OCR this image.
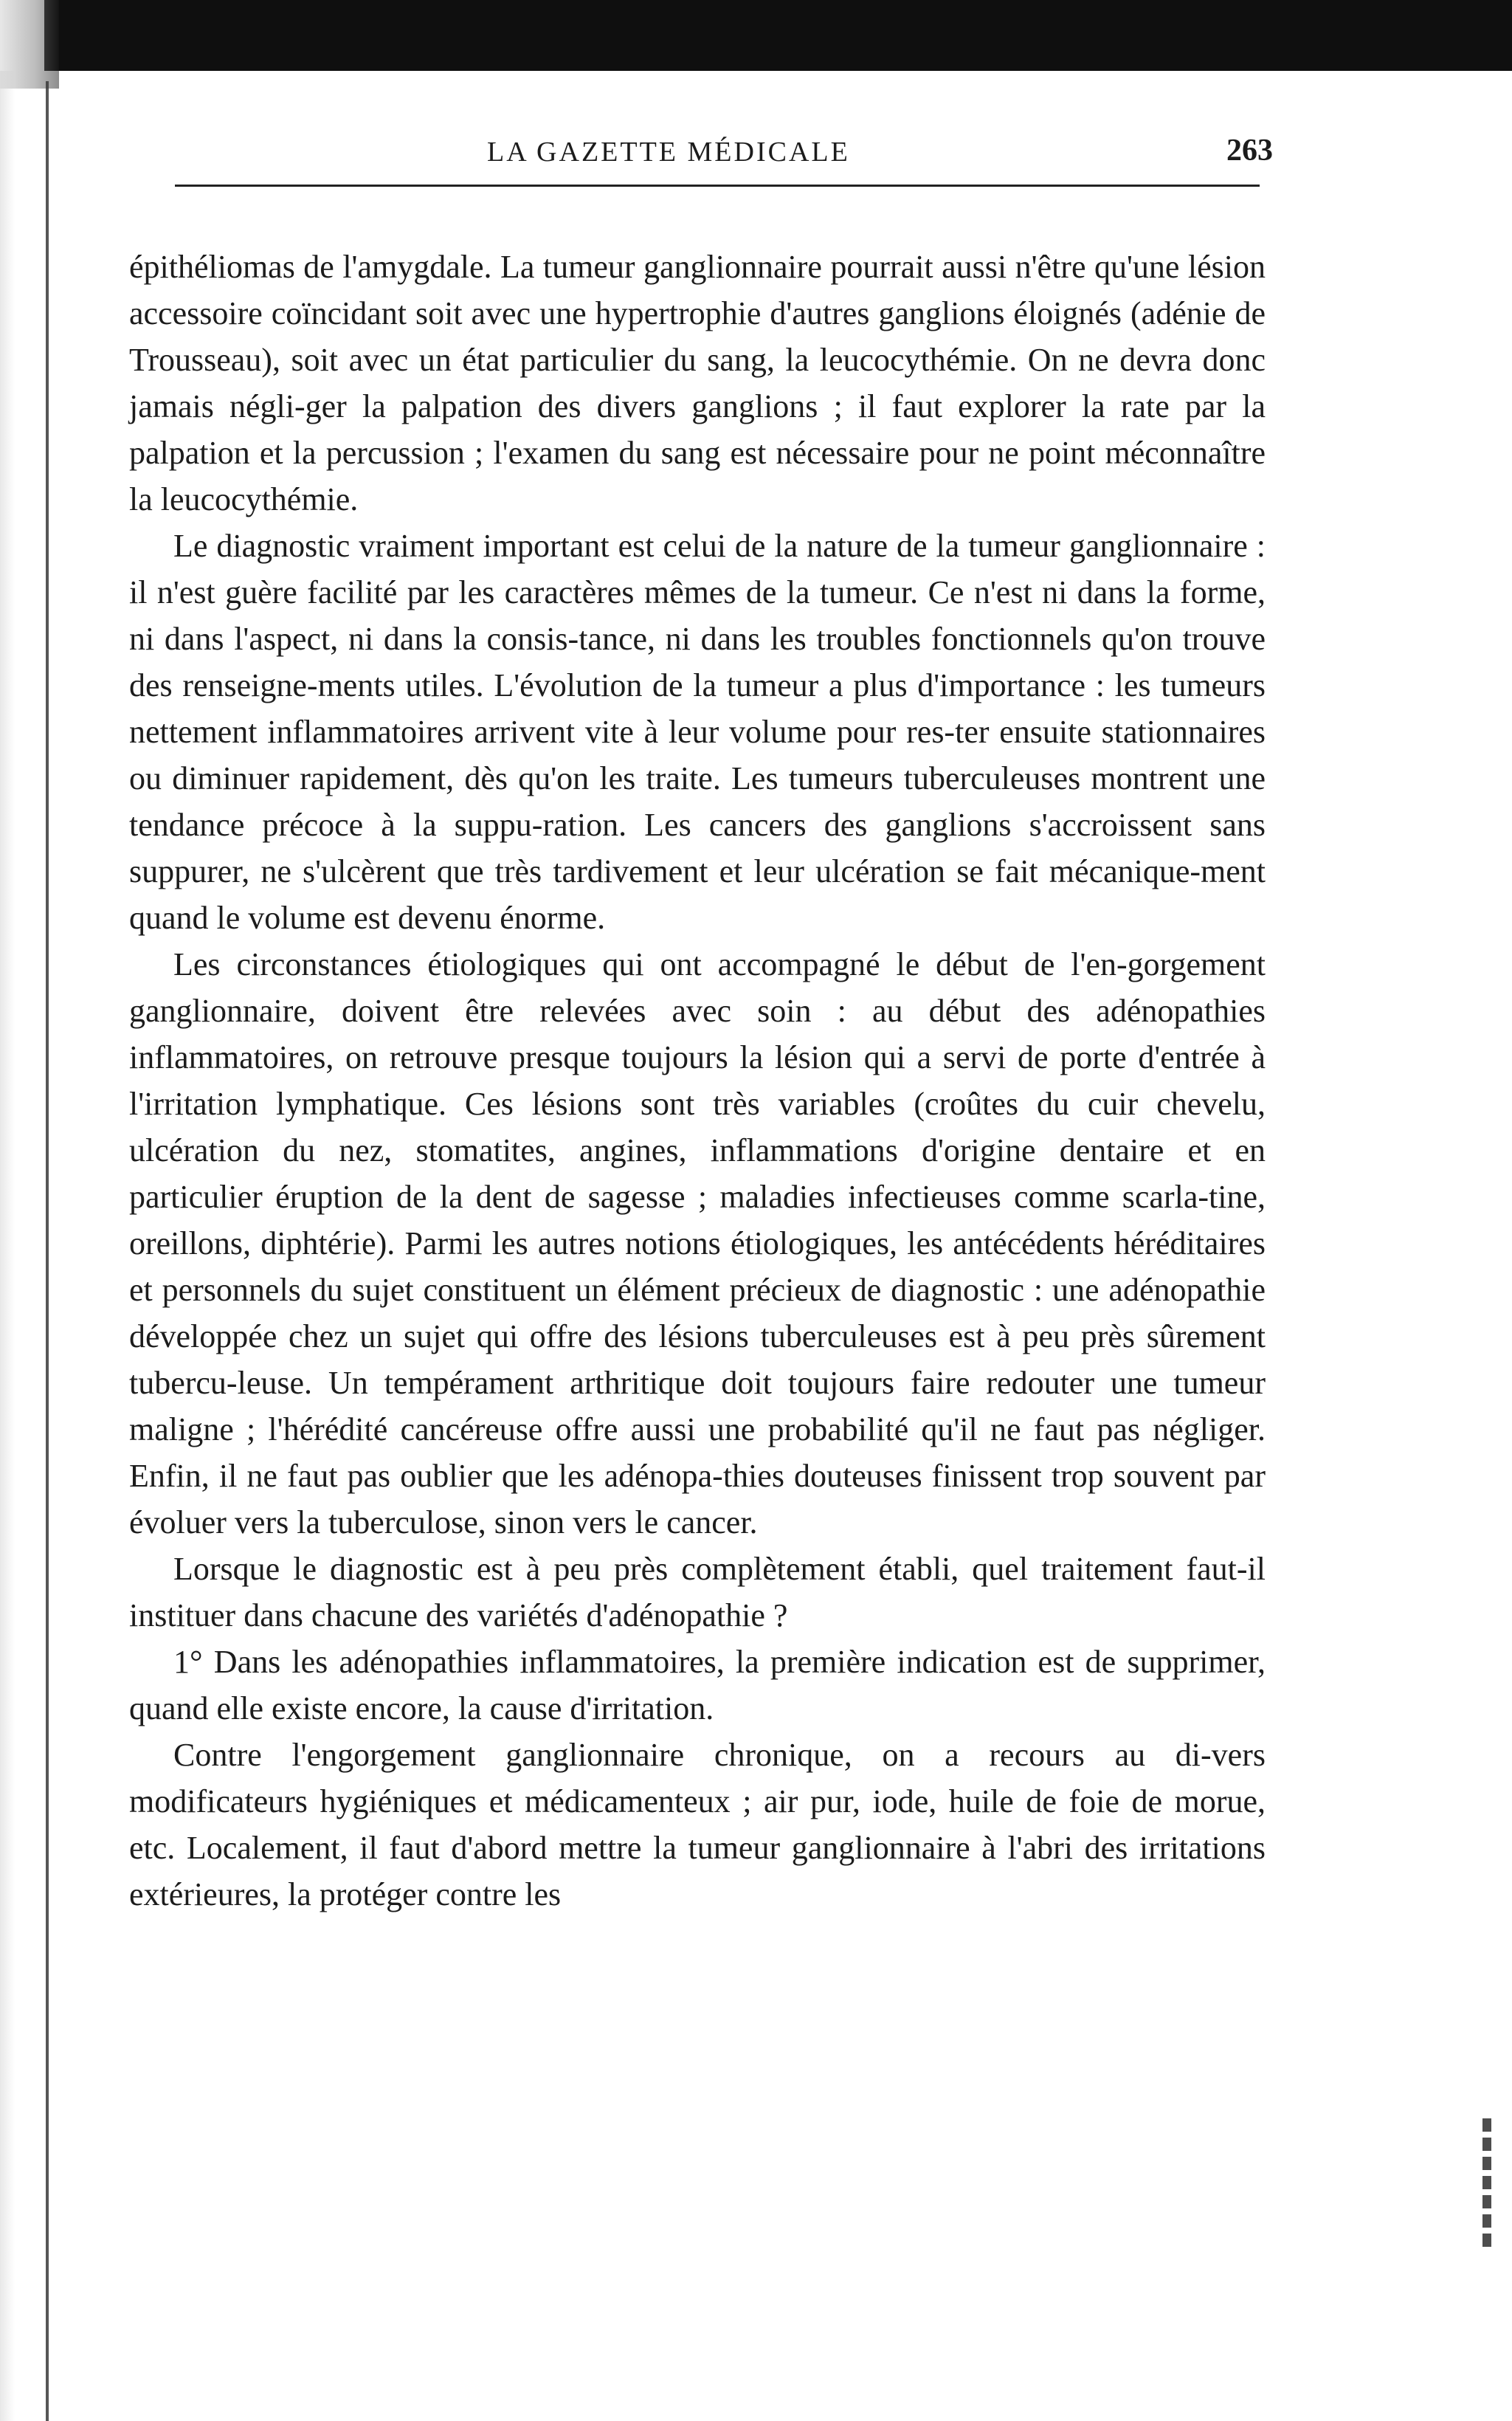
LA GAZETTE MÉDICALE	263

épithéliomas de l'amygdale. La tumeur ganglionnaire pourrait aussi n'être qu'une lésion accessoire coïncidant soit avec une hypertrophie d'autres ganglions éloignés (adénie de Trousseau), soit avec un état particulier du sang, la leucocythémie. On ne devra donc jamais négli-ger la palpation des divers ganglions ; il faut explorer la rate par la palpation et la percussion ; l'examen du sang est nécessaire pour ne point méconnaître la leucocythémie.

Le diagnostic vraiment important est celui de la nature de la tumeur ganglionnaire : il n'est guère facilité par les caractères mêmes de la tumeur. Ce n'est ni dans la forme, ni dans l'aspect, ni dans la consis-tance, ni dans les troubles fonctionnels qu'on trouve des renseigne-ments utiles. L'évolution de la tumeur a plus d'importance : les tumeurs nettement inflammatoires arrivent vite à leur volume pour res-ter ensuite stationnaires ou diminuer rapidement, dès qu'on les traite. Les tumeurs tuberculeuses montrent une tendance précoce à la suppu-ration. Les cancers des ganglions s'accroissent sans suppurer, ne s'ulcèrent que très tardivement et leur ulcération se fait mécanique-ment quand le volume est devenu énorme.

Les circonstances étiologiques qui ont accompagné le début de l'en-gorgement ganglionnaire, doivent être relevées avec soin : au début des adénopathies inflammatoires, on retrouve presque toujours la lésion qui a servi de porte d'entrée à l'irritation lymphatique. Ces lésions sont très variables (croûtes du cuir chevelu, ulcération du nez, stomatites, angines, inflammations d'origine dentaire et en particulier éruption de la dent de sagesse ; maladies infectieuses comme scarla-tine, oreillons, diphtérie). Parmi les autres notions étiologiques, les antécédents héréditaires et personnels du sujet constituent un élément précieux de diagnostic : une adénopathie développée chez un sujet qui offre des lésions tuberculeuses est à peu près sûrement tubercu-leuse. Un tempérament arthritique doit toujours faire redouter une tumeur maligne ; l'hérédité cancéreuse offre aussi une probabilité qu'il ne faut pas négliger. Enfin, il ne faut pas oublier que les adénopa-thies douteuses finissent trop souvent par évoluer vers la tuberculose, sinon vers le cancer.

Lorsque le diagnostic est à peu près complètement établi, quel traitement faut-il instituer dans chacune des variétés d'adénopathie ?

1° Dans les adénopathies inflammatoires, la première indication est de supprimer, quand elle existe encore, la cause d'irritation.

Contre l'engorgement ganglionnaire chronique, on a recours au di-vers modificateurs hygiéniques et médicamenteux ; air pur, iode, huile de foie de morue, etc. Localement, il faut d'abord mettre la tumeur ganglionnaire à l'abri des irritations extérieures, la protéger contre les
